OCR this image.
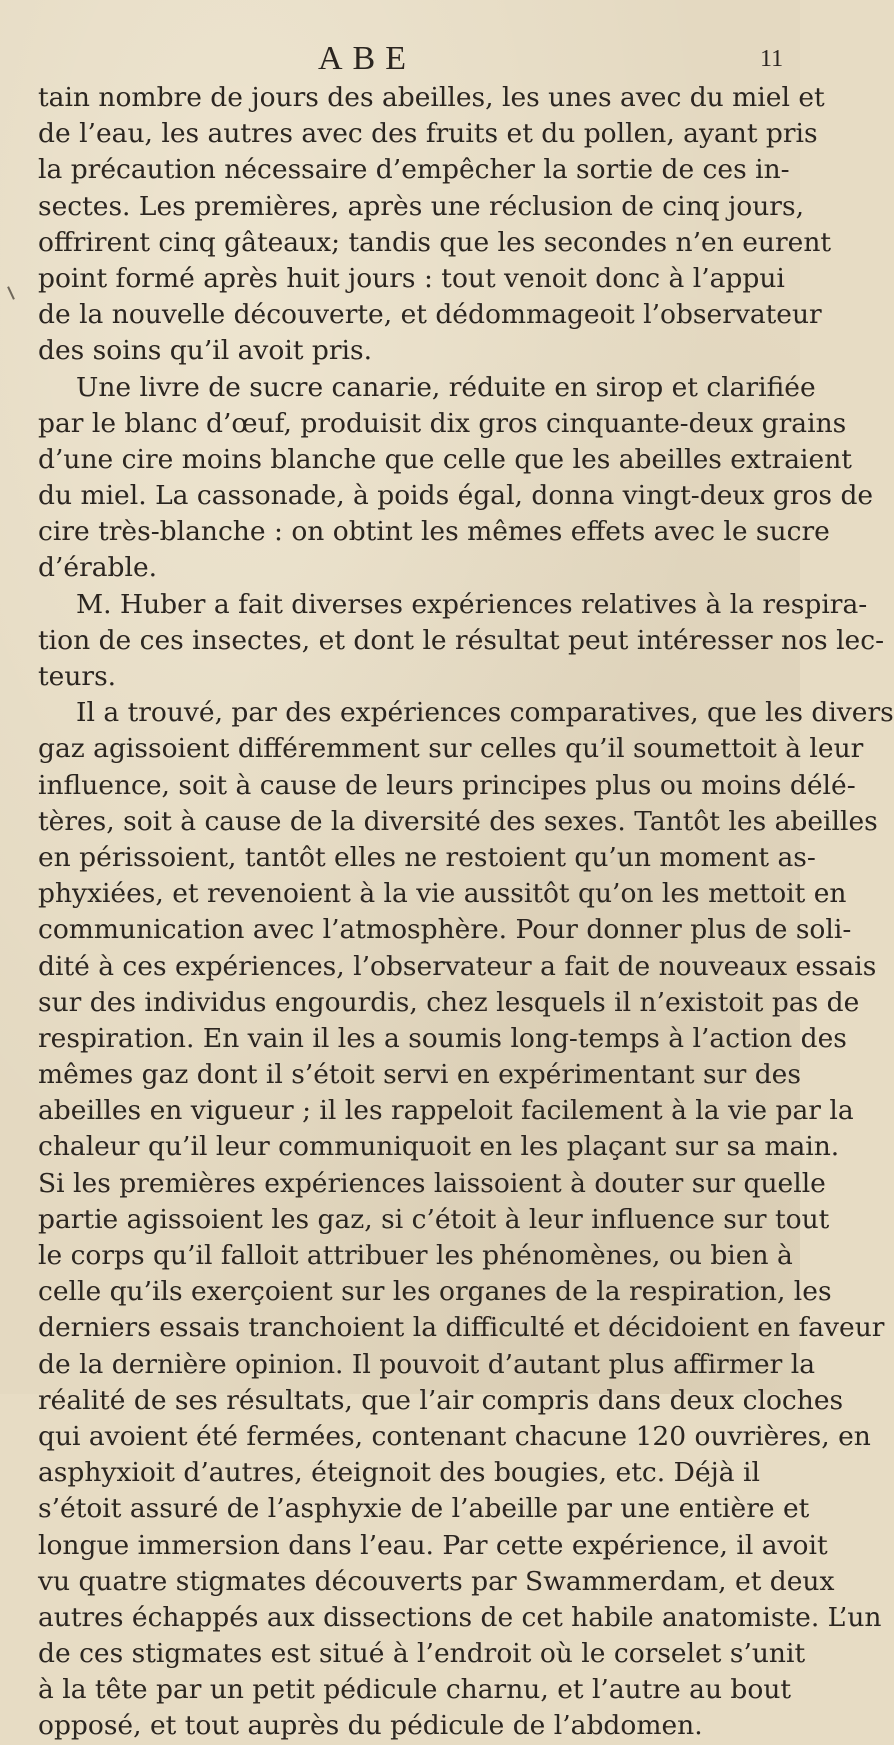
ABE	11
tain nombre de jours des abeilles, les unes avec du miel et
de l’eau, les autres avec des fruits et du pollen, ayant pris
la précaution nécessaire d’empêcher la sortie de ces in-
sectes. Les premières, après une réclusion de cinq jours,
offrirent cinq gâteaux; tandis que les secondes n’en eurent
point formé après huit jours : tout venoit donc à l’appui
de la nouvelle découverte, et dédommageoit l’observateur
des soins qu’il avoit pris.
Une livre de sucre canarie, réduite en sirop et clarifiée
par le blanc d’œuf, produisit dix gros cinquante-deux grains
d’une cire moins blanche que celle que les abeilles extraient
du miel. La cassonade, à poids égal, donna vingt-deux gros de
cire très-blanche : on obtint les mêmes effets avec le sucre
d’érable.
M. Huber a fait diverses expériences relatives à la respira-
tion de ces insectes, et dont le résultat peut intéresser nos lec-
teurs.
Il a trouvé, par des expériences comparatives, que les divers
gaz agissoient différemment sur celles qu’il soumettoit à leur
influence, soit à cause de leurs principes plus ou moins délé-
tères, soit à cause de la diversité des sexes. Tantôt les abeilles
en périssoient, tantôt elles ne restoient qu’un moment as-
phyxiées, et revenoient à la vie aussitôt qu’on les mettoit en
communication avec l’atmosphère. Pour donner plus de soli-
dité à ces expériences, l’observateur a fait de nouveaux essais
sur des individus engourdis, chez lesquels il n’existoit pas de
respiration. En vain il les a soumis long-temps à l’action des
mêmes gaz dont il s’étoit servi en expérimentant sur des
abeilles en vigueur ; il les rappeloit facilement à la vie par la
chaleur qu’il leur communiquoit en les plaçant sur sa main.
Si les premières expériences laissoient à douter sur quelle
partie agissoient les gaz, si c’étoit à leur influence sur tout
le corps qu’il falloit attribuer les phénomènes, ou bien à
celle qu’ils exerçoient sur les organes de la respiration, les
derniers essais tranchoient la difficulté et décidoient en faveur
de la dernière opinion. Il pouvoit d’autant plus affirmer la
réalité de ses résultats, que l’air compris dans deux cloches
qui avoient été fermées, contenant chacune 120 ouvrières, en
asphyxioit d’autres, éteignoit des bougies, etc. Déjà il
s’étoit assuré de l’asphyxie de l’abeille par une entière et
longue immersion dans l’eau. Par cette expérience, il avoit
vu quatre stigmates découverts par Swammerdam, et deux
autres échappés aux dissections de cet habile anatomiste. L’un
de ces stigmates est situé à l’endroit où le corselet s’unit
à la tête par un petit pédicule charnu, et l’autre au bout
opposé, et tout auprès du pédicule de l’abdomen.
